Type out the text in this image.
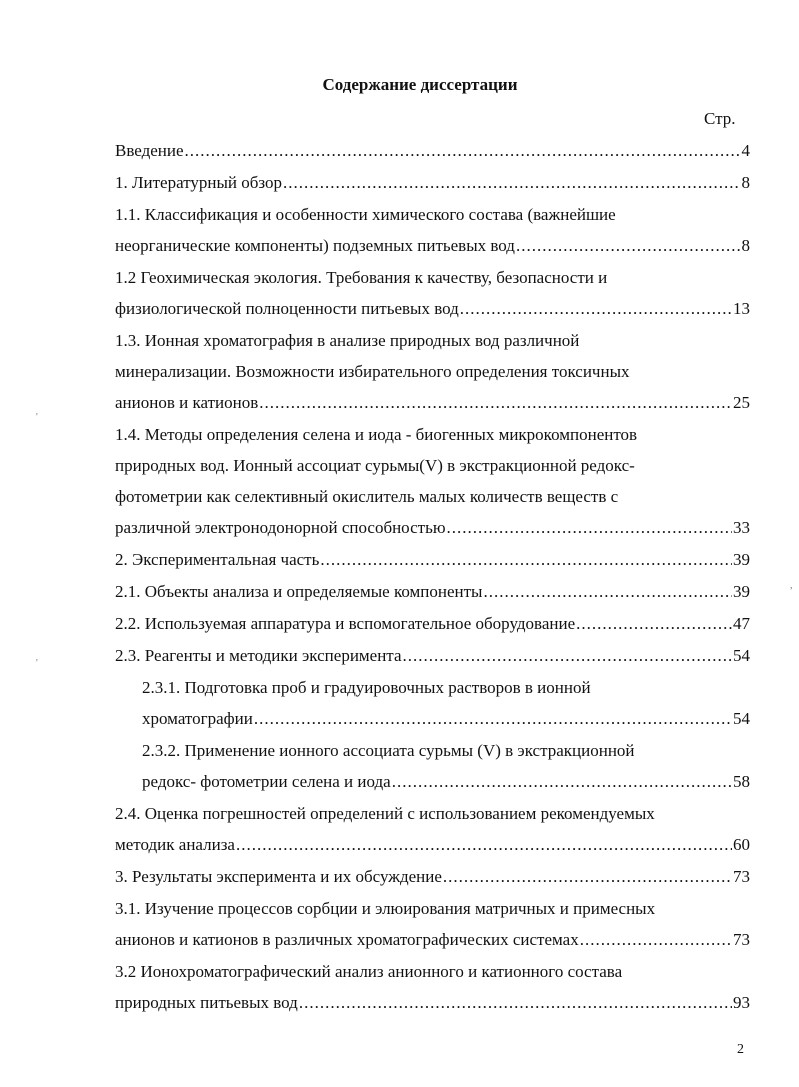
Содержание диссертации
Стр.
Введение .....	4
1. Литературный обзор .....	8
1.1. Классификация и особенности химического состава (важнейшие
неорганические компоненты) подземных питьевых вод .....	8
1.2 Геохимическая экология. Требования к качеству, безопасности и
физиологической полноценности питьевых вод .....	13
1.3. Ионная хроматография в анализе природных вод различной
минерализации. Возможности избирательного определения токсичных
анионов и катионов .....	25
1.4. Методы определения селена и иода - биогенных микрокомпонентов
природных вод. Ионный ассоциат сурьмы(V) в экстракционной редокс-
фотометрии как селективный окислитель малых количеств веществ с
различной электронодонорной способностью .....	33
2. Экспериментальная часть .....	39
2.1. Объекты анализа и определяемые компоненты .....	39
2.2. Используемая аппаратура и вспомогательное оборудование .....	47
2.3. Реагенты и методики эксперимента .....	54
2.3.1. Подготовка проб и градуировочных растворов в ионной
хроматографии .....	54
2.3.2. Применение ионного ассоциата сурьмы (V) в экстракционной
редокс- фотометрии селена и иода .....	58
2.4. Оценка погрешностей определений с использованием рекомендуемых
методик анализа .....	60
3. Результаты эксперимента и их обсуждение .....	73
3.1. Изучение процессов сорбции и элюирования матричных и примесных
анионов и катионов в различных хроматографических системах .....	73
3.2 Ионохроматографический анализ анионного и катионного состава
природных питьевых вод .....	93
2
'
'
,
